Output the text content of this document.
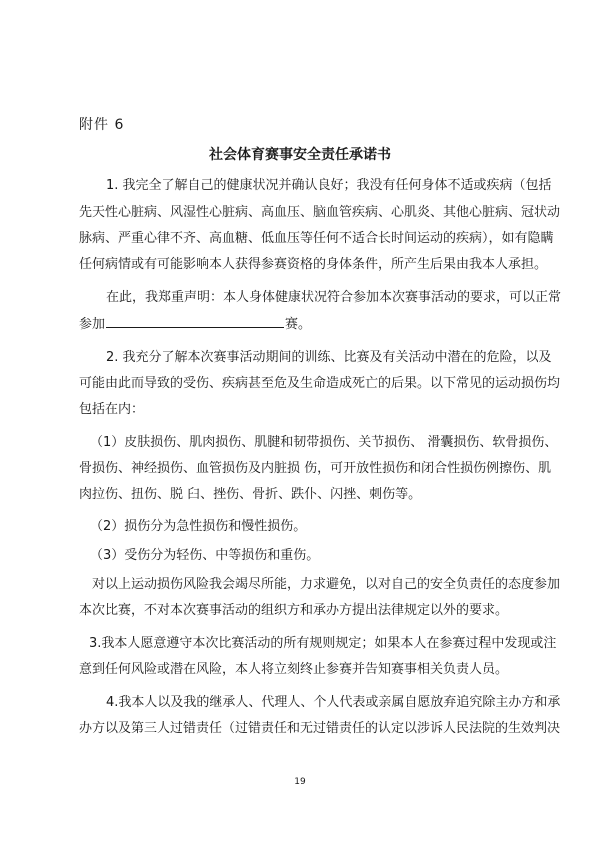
附件 6
社会体育赛事安全责任承诺书
1. 我完全了解自己的健康状况并确认良好；我没有任何身体不适或疾病（包括
先天性心脏病、风湿性心脏病、高血压、脑血管疾病、心肌炎、其他心脏病、冠状动
脉病、严重心律不齐、高血糖、低血压等任何不适合长时间运动的疾病），如有隐瞒
任何病情或有可能影响本人获得参赛资格的身体条件，所产生后果由我本人承担。
在此，我郑重声明：本人身体健康状况符合参加本次赛事活动的要求，可以正常
参加	赛。
2. 我充分了解本次赛事活动期间的训练、比赛及有关活动中潜在的危险，以及
可能由此而导致的受伤、疾病甚至危及生命造成死亡的后果。以下常见的运动损伤均
包括在内：
（1）皮肤损伤、肌肉损伤、肌腱和韧带损伤、关节损伤、 滑囊损伤、软骨损伤、
骨损伤、神经损伤、血管损伤及内脏损 伤，可开放性损伤和闭合性损伤例擦伤、肌
肉拉伤、扭伤、脱 臼、挫伤、骨折、跌仆、闪挫、刺伤等。
（2）损伤分为急性损伤和慢性损伤。
（3）受伤分为轻伤、中等损伤和重伤。
对以上运动损伤风险我会竭尽所能，力求避免，以对自己的安全负责任的态度参加
本次比赛，不对本次赛事活动的组织方和承办方提出法律规定以外的要求。
3.我本人愿意遵守本次比赛活动的所有规则规定；如果本人在参赛过程中发现或注
意到任何风险或潜在风险，本人将立刻终止参赛并告知赛事相关负责人员。
4.我本人以及我的继承人、代理人、个人代表或亲属自愿放弃追究除主办方和承
办方以及第三人过错责任（过错责任和无过错责任的认定以涉诉人民法院的生效判决
19
